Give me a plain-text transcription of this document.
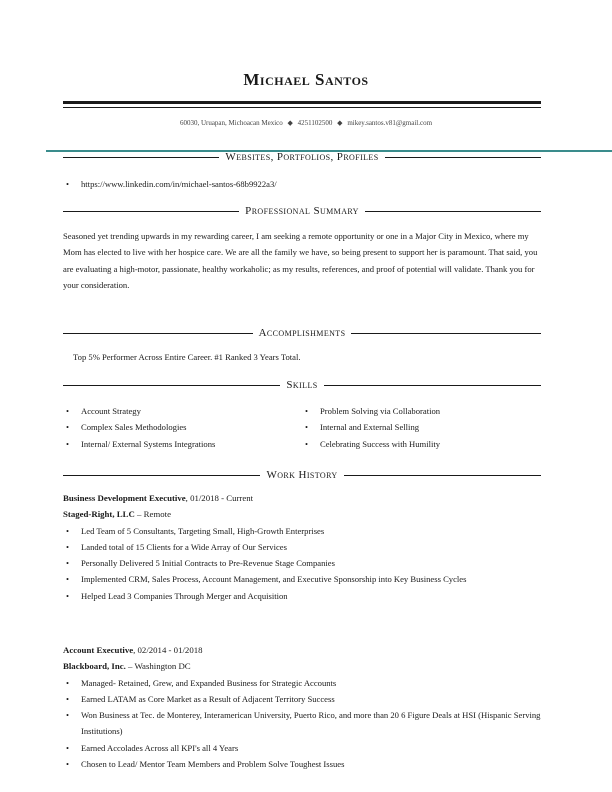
Michael Santos
60030, Uruapan, Michoacan Mexico ◆ 4251102500 ◆ mikey.santos.v81@gmail.com
Websites, Portfolios, Profiles
• https://www.linkedin.com/in/michael-santos-68b9922a3/
Professional Summary
Seasoned yet trending upwards in my rewarding career, I am seeking a remote opportunity or one in a Major City in Mexico, where my Mom has elected to live with her hospice care. We are all the family we have, so being present to support her is paramount. That said, you are evaluating a high-motor, passionate, healthy workaholic; as my results, references, and proof of potential will validate. Thank you for your consideration.
Accomplishments
Top 5% Performer Across Entire Career. #1 Ranked 3 Years Total.
Skills
• Account Strategy
• Complex Sales Methodologies
• Internal/ External Systems Integrations
• Problem Solving via Collaboration
• Internal and External Selling
• Celebrating Success with Humility
Work History
Business Development Executive, 01/2018 - Current
Staged-Right, LLC – Remote
• Led Team of 5 Consultants, Targeting Small, High-Growth Enterprises
• Landed total of 15 Clients for a Wide Array of Our Services
• Personally Delivered 5 Initial Contracts to Pre-Revenue Stage Companies
• Implemented CRM, Sales Process, Account Management, and Executive Sponsorship into Key Business Cycles
• Helped Lead 3 Companies Through Merger and Acquisition
Account Executive, 02/2014 - 01/2018
Blackboard, Inc. – Washington DC
• Managed- Retained, Grew, and Expanded Business for Strategic Accounts
• Earned LATAM as Core Market as a Result of Adjacent Territory Success
• Won Business at Tec. de Monterey, Interamerican University, Puerto Rico, and more than 20 6 Figure Deals at HSI (Hispanic Serving Institutions)
• Earned Accolades Across all KPI's all 4 Years
• Chosen to Lead/ Mentor Team Members and Problem Solve Toughest Issues
